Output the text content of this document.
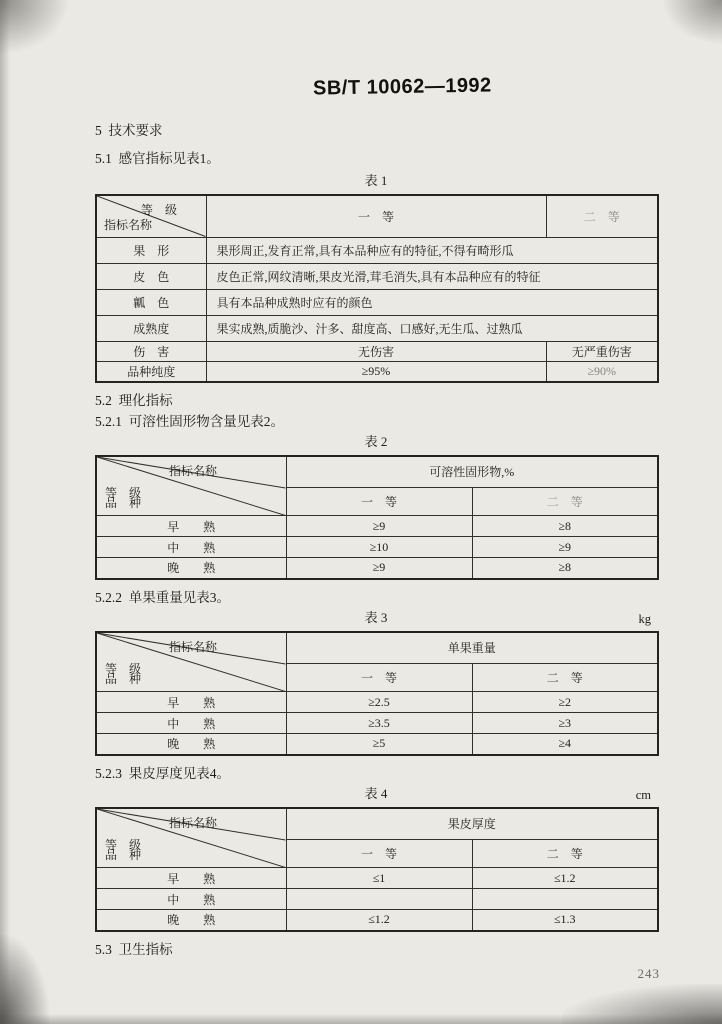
SB/T 10062—1992
5  技术要求
5.1  感官指标见表1。
表 1
等　级
指标名称	一　等	二　等
果　形	果形周正,发育正常,具有本品种应有的特征,不得有畸形瓜	
皮　色	皮色正常,网纹清晰,果皮光滑,茸毛消失,具有本品种应有的特征	
瓤　色	具有本品种成熟时应有的颜色	
成熟度	果实成熟,质脆沙、汁多、甜度高、口感好,无生瓜、过熟瓜	
伤　害	无伤害	无严重伤害
品种纯度	≥95%	≥90%
5.2  理化指标
5.2.1  可溶性固形物含量见表2。
表 2
指标名称
等　级
品　种	可溶性固形物,%	
	一　等	二　等
早　　熟	≥9	≥8
中　　熟	≥10	≥9
晚　　熟	≥9	≥8
5.2.2  单果重量见表3。
表 3	kg
指标名称
等　级
品　种	单果重量	
	一　等	二　等
早　　熟	≥2.5	≥2
中　　熟	≥3.5	≥3
晚　　熟	≥5	≥4
5.2.3  果皮厚度见表4。
表 4	cm
指标名称
等　级
品　种	果皮厚度	
	一　等	二　等
早　　熟	≤1	≤1.2
中　　熟		
晚　　熟	≤1.2	≤1.3
5.3  卫生指标
243
